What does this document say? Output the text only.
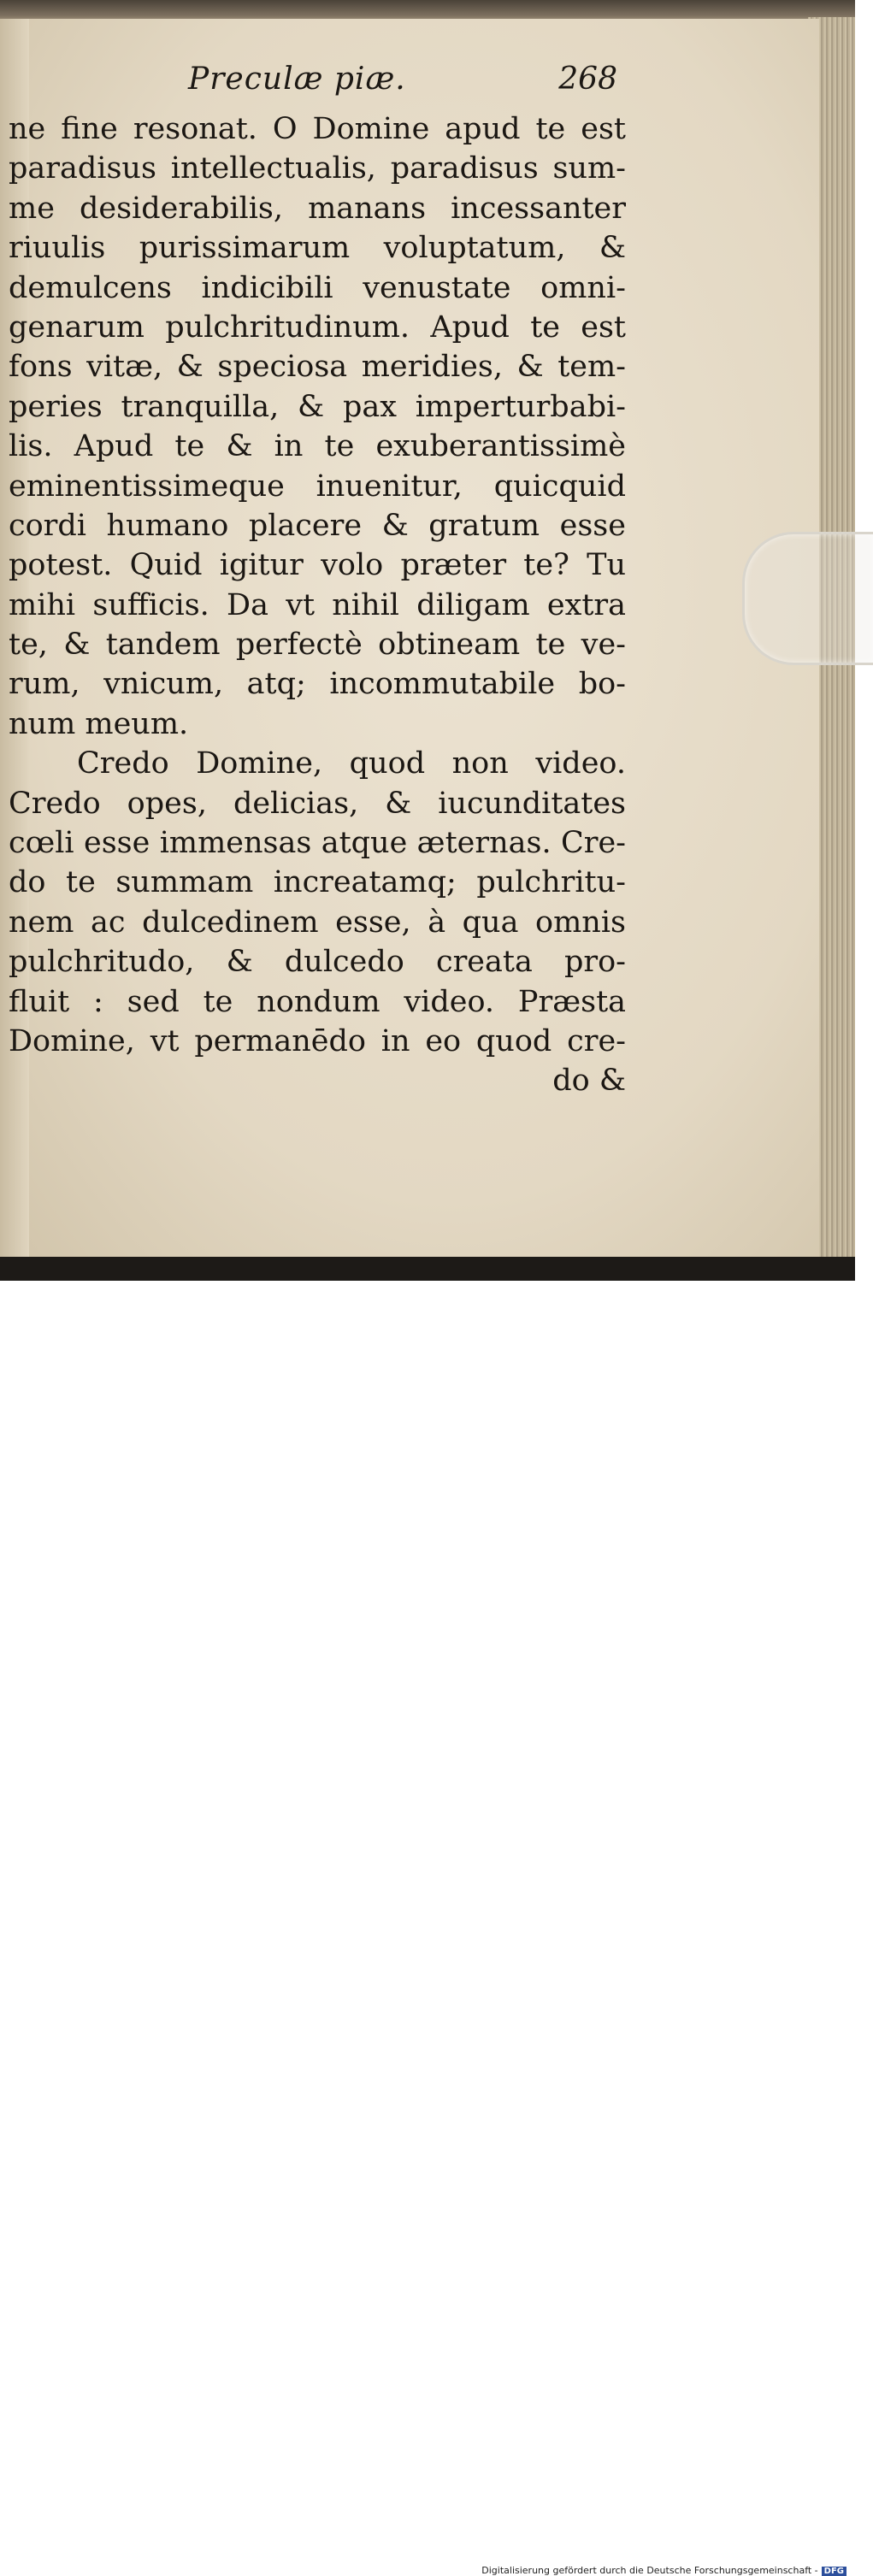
Preculæ piæ.	268
ne fine resonat. O Domine apud te est
paradisus intellectualis, paradisus sum-
me desiderabilis, manans incessanter
riuulis purissimarum voluptatum, &
demulcens indicibili venustate omni-
genarum pulchritudinum. Apud te est
fons vitæ, & speciosa meridies, & tem-
peries tranquilla, & pax imperturbabi-
lis. Apud te & in te exuberantissimè
eminentissimeque inuenitur, quicquid
cordi humano placere & gratum esse
potest. Quid igitur volo præter te? Tu
mihi sufficis. Da vt nihil diligam extra
te, & tandem perfectè obtineam te ve-
rum, vnicum, atq; incommutabile bo-
num meum.
Credo Domine, quod non video.
Credo opes, delicias, & iucunditates
cœli esse immensas atque æternas. Cre-
do te summam increatamq; pulchritu-
nem ac dulcedinem esse, à qua omnis
pulchritudo, & dulcedo creata pro-
fluit : sed te nondum video. Præsta
Domine, vt permanēdo in eo quod cre-
do &
Digitalisierung gefördert durch die Deutsche Forschungsgemeinschaft - DFG
